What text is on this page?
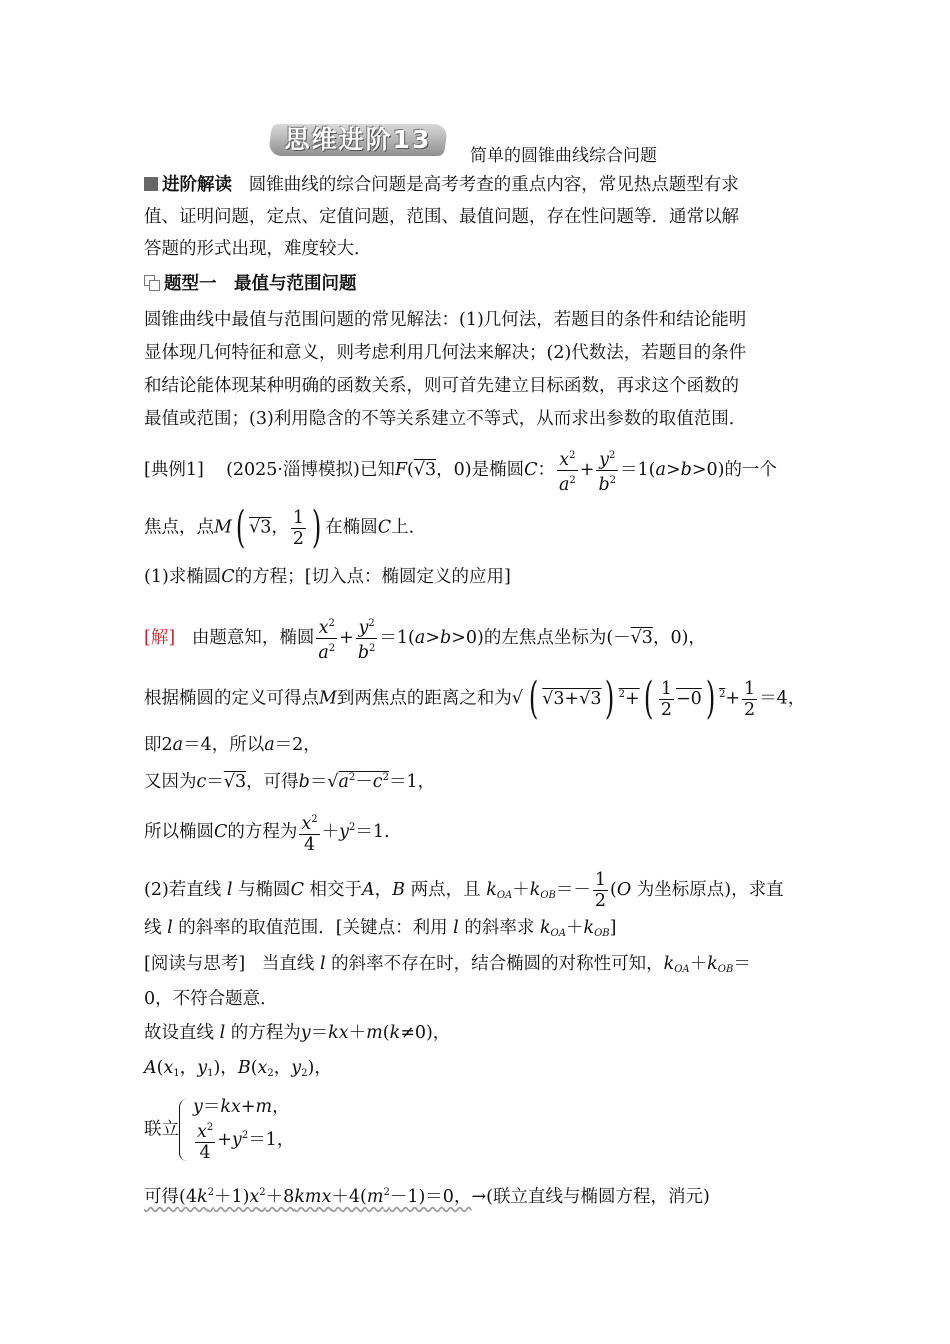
思维进阶13
简单的圆锥曲线综合问题
进阶解读 圆锥曲线的综合问题是高考考查的重点内容，常见热点题型有求
值、证明问题，定点、定值问题，范围、最值问题，存在性问题等．通常以解
答题的形式出现，难度较大．
题型一　最值与范围问题
圆锥曲线中最值与范围问题的常见解法：(1)几何法，若题目的条件和结论能明
显体现几何特征和意义，则考虑利用几何法来解决；(2)代数法，若题目的条件
和结论能体现某种明确的函数关系，则可首先建立目标函数，再求这个函数的
最值或范围；(3)利用隐含的不等关系建立不等式，从而求出参数的取值范围．
[典例1] (2025·淄博模拟)已知F(√3，0)是椭圆C： $\frac{x^2}{a^2} + \frac{y^2}{b^2} =1(a>b>0)$的一个
焦点，点M( √3， $\frac{1}{2}$ ) 在椭圆C上．
(1)求椭圆C的方程；[切入点：椭圆定义的应用]
[解] 由题意知，椭圆 $\frac{x^2}{a^2} + \frac{y^2}{b^2} =1(a>b>0)$的左焦点坐标为(－√3，0)，
根据椭圆的定义可得点M到两焦点的距离之和为√ ( √3+√3) $^2+( \frac{1}{2} -0)$ $^2+ \frac{1}{2} =4$，
即2a＝4，所以a＝2，
又因为c＝√3，可得$b=√a^2-c^2=1$，
所以椭圆C的方程为 $\frac{x^2}{4} +y^2=1$.
(2)若直线 l 与椭圆C 相交于A，B 两点，且 $k_{OA}+k_{OB}=- \frac{1}{2} (O$ 为坐标原点)，求直
线 l 的斜率的取值范围．[关键点：利用 l 的斜率求 $k_{OA}+k_{OB}$]
[阅读与思考] 当直线 l 的斜率不存在时，结合椭圆的对称性可知，$k_{OA}+k_{OB}=$
0，不符合题意．
故设直线 l 的方程为y＝kx＋m(k≠0)，
$A(x_1$，$y_1$)，$B(x_2$，$y_2$)，
联立
y＝kx+m，
$\frac{x^2}{4} +y^2=1$，
可得$(4k^2+1)x^2+8kmx+4(m^2-1)=0$，→(联立直线与椭圆方程，消元)
